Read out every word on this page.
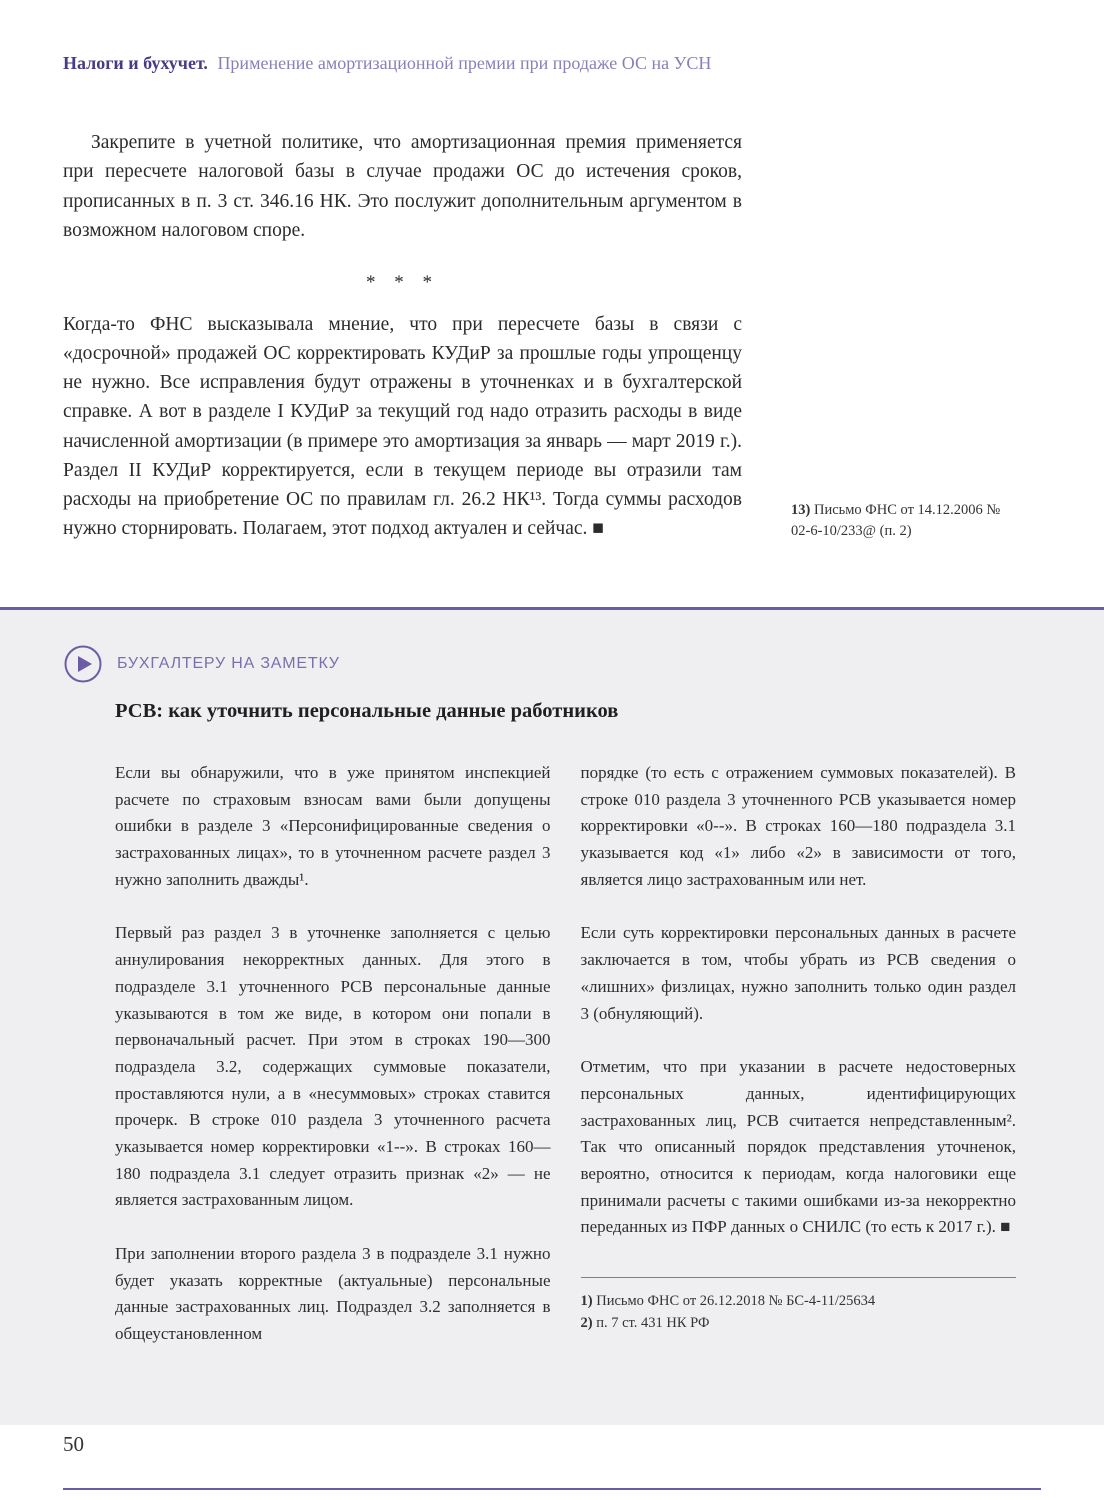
Налоги и бухучет. Применение амортизационной премии при продаже ОС на УСН

Закрепите в учетной политике, что амортизационная премия применяется при пересчете налоговой базы в случае продажи ОС до истечения сроков, прописанных в п. 3 ст. 346.16 НК. Это послужит дополнительным аргументом в возможном налоговом споре.

* * *

Когда-то ФНС высказывала мнение, что при пересчете базы в связи с «досрочной» продажей ОС корректировать КУДиР за прошлые годы упрощенцу не нужно. Все исправления будут отражены в уточненках и в бухгалтерской справке. А вот в разделе I КУДиР за текущий год надо отразить расходы в виде начисленной амортизации (в примере это амортизация за январь — март 2019 г.). Раздел II КУДиР корректируется, если в текущем периоде вы отразили там расходы на приобретение ОС по правилам гл. 26.2 НК¹³. Тогда суммы расходов нужно сторнировать. Полагаем, этот подход актуален и сейчас. ■

13) Письмо ФНС от 14.12.2006 № 02-6-10/233@ (п. 2)
БУХГАЛТЕРУ НА ЗАМЕТКУ
РСВ: как уточнить персональные данные работников

Если вы обнаружили, что в уже принятом инспекцией расчете по страховым взносам вами были допущены ошибки в разделе 3 «Персонифицированные сведения о застрахованных лицах», то в уточненном расчете раздел 3 нужно заполнить дважды¹.

Первый раз раздел 3 в уточненке заполняется с целью аннулирования некорректных данных. Для этого в подразделе 3.1 уточненного РСВ персональные данные указываются в том же виде, в котором они попали в первоначальный расчет. При этом в строках 190—300 подраздела 3.2, содержащих суммовые показатели, проставляются нули, а в «несуммовых» строках ставится прочерк. В строке 010 раздела 3 уточненного расчета указывается номер корректировки «1--». В строках 160—180 подраздела 3.1 следует отразить признак «2» — не является застрахованным лицом.

При заполнении второго раздела 3 в подразделе 3.1 нужно будет указать корректные (актуальные) персональные данные застрахованных лиц. Подраздел 3.2 заполняется в общеустановленном

порядке (то есть с отражением суммовых показателей). В строке 010 раздела 3 уточненного РСВ указывается номер корректировки «0--». В строках 160—180 подраздела 3.1 указывается код «1» либо «2» в зависимости от того, является лицо застрахованным или нет.

Если суть корректировки персональных данных в расчете заключается в том, чтобы убрать из РСВ сведения о «лишних» физлицах, нужно заполнить только один раздел 3 (обнуляющий).

Отметим, что при указании в расчете недостоверных персональных данных, идентифицирующих застрахованных лиц, РСВ считается непредставленным². Так что описанный порядок представления уточненок, вероятно, относится к периодам, когда налоговики еще принимали расчеты с такими ошибками из-за некорректно переданных из ПФР данных о СНИЛС (то есть к 2017 г.). ■

1) Письмо ФНС от 26.12.2018 № БС-4-11/25634

2) п. 7 ст. 431 НК РФ

50
